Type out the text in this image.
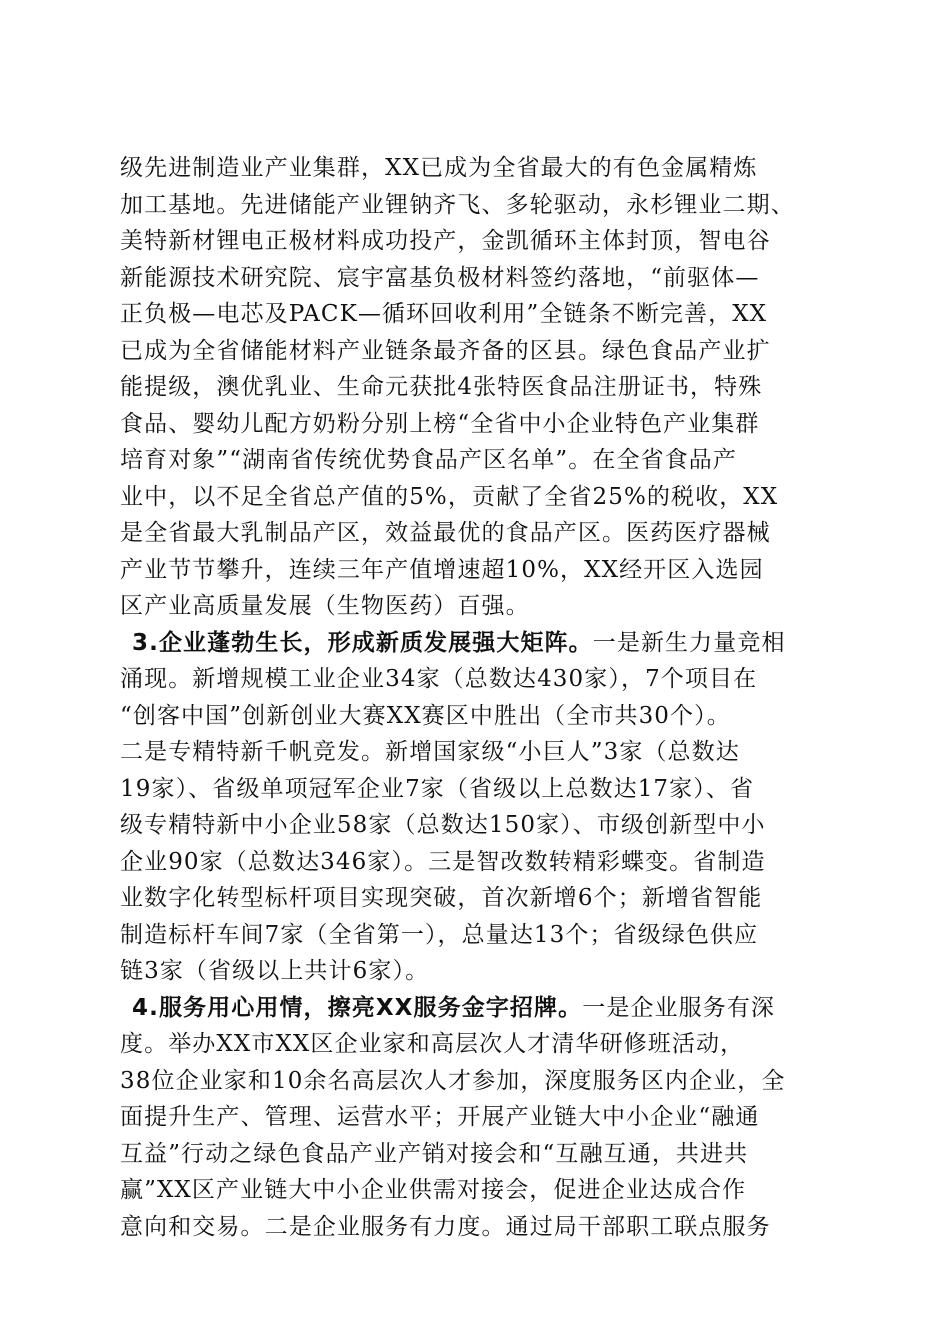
级先进制造业产业集群，XX已成为全省最大的有色金属精炼
加工基地。先进储能产业锂钠齐飞、多轮驱动，永杉锂业二期、
美特新材锂电正极材料成功投产，金凯循环主体封顶，智电谷
新能源技术研究院、宸宇富基负极材料签约落地，“前驱体—
正负极—电芯及PACK—循环回收利用”全链条不断完善，XX
已成为全省储能材料产业链条最齐备的区县。绿色食品产业扩
能提级，澳优乳业、生命元获批4张特医食品注册证书，特殊
食品、婴幼儿配方奶粉分别上榜“全省中小企业特色产业集群
培育对象”“湖南省传统优势食品产区名单”。在全省食品产
业中，以不足全省总产值的5%，贡献了全省25%的税收，XX
是全省最大乳制品产区，效益最优的食品产区。医药医疗器械
产业节节攀升，连续三年产值增速超10%，XX经开区入选园
区产业高质量发展（生物医药）百强。
3.企业蓬勃生长，形成新质发展强大矩阵。一是新生力量竞相
涌现。新增规模工业企业34家（总数达430家），7个项目在
“创客中国”创新创业大赛XX赛区中胜出（全市共30个）。
二是专精特新千帆竞发。新增国家级“小巨人”3家（总数达
19家）、省级单项冠军企业7家（省级以上总数达17家）、省
级专精特新中小企业58家（总数达150家）、市级创新型中小
企业90家（总数达346家）。三是智改数转精彩蝶变。省制造
业数字化转型标杆项目实现突破，首次新增6个；新增省智能
制造标杆车间7家（全省第一），总量达13个；省级绿色供应
链3家（省级以上共计6家）。
4.服务用心用情，擦亮XX服务金字招牌。一是企业服务有深
度。举办XX市XX区企业家和高层次人才清华研修班活动，
38位企业家和10余名高层次人才参加，深度服务区内企业，全
面提升生产、管理、运营水平；开展产业链大中小企业“融通
互益”行动之绿色食品产业产销对接会和“互融互通，共进共
赢”XX区产业链大中小企业供需对接会，促进企业达成合作
意向和交易。二是企业服务有力度。通过局干部职工联点服务
